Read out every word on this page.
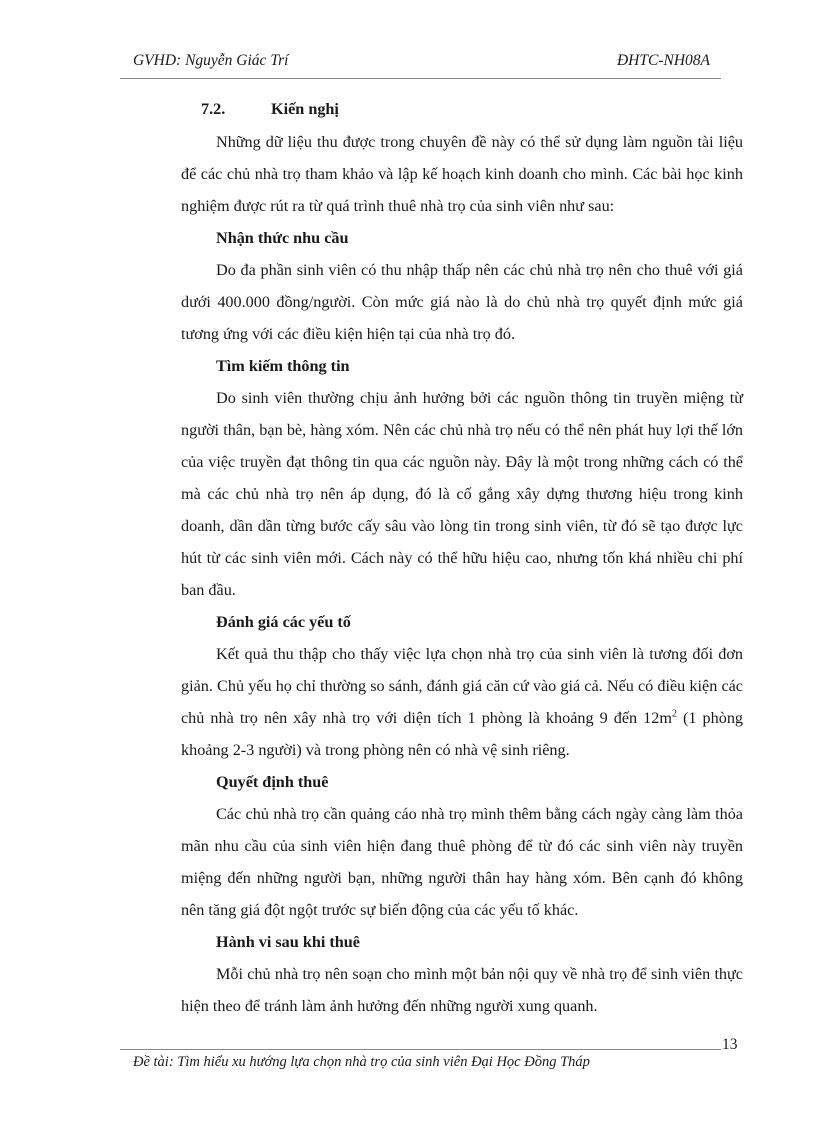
GVHD: Nguyễn Giác Trí	ĐHTC-NH08A
7.2.	Kiến nghị

Những dữ liệu thu được trong chuyên đề này có thể sử dụng làm nguồn tài liệu để các chủ nhà trọ tham khảo và lập kế hoạch kinh doanh cho mình. Các bài học kinh nghiệm được rút ra từ quá trình thuê nhà trọ của sinh viên như sau:

Nhận thức nhu cầu

Do đa phần sinh viên có thu nhập thấp nên các chủ nhà trọ nên cho thuê với giá dưới 400.000 đồng/người. Còn mức giá nào là do chủ nhà trọ quyết định mức giá tương ứng với các điều kiện hiện tại của nhà trọ đó.

Tìm kiếm thông tin

Do sinh viên thường chịu ảnh hưởng bởi các nguồn thông tin truyền miệng từ người thân, bạn bè, hàng xóm. Nên các chủ nhà trọ nếu có thể nên phát huy lợi thế lớn của việc truyền đạt thông tin qua các nguồn này. Đây là một trong những cách có thể mà các chủ nhà trọ nên áp dụng, đó là cố gắng xây dựng thương hiệu trong kinh doanh, dần dần từng bước cấy sâu vào lòng tin trong sinh viên, từ đó sẽ tạo được lực hút từ các sinh viên mới. Cách này có thể hữu hiệu cao, nhưng tốn khá nhiều chi phí ban đầu.

Đánh giá các yếu tố

Kết quả thu thập cho thấy việc lựa chọn nhà trọ của sinh viên là tương đối đơn giản. Chủ yếu họ chỉ thường so sánh, đánh giá căn cứ vào giá cả. Nếu có điều kiện các chủ nhà trọ nên xây nhà trọ với diện tích 1 phòng là khoảng 9 đến $12m^2$ (1 phòng khoảng 2-3 người) và trong phòng nên có nhà vệ sinh riêng.

Quyết định thuê

Các chủ nhà trọ cần quảng cáo nhà trọ mình thêm bằng cách ngày càng làm thỏa mãn nhu cầu của sinh viên hiện đang thuê phòng để từ đó các sinh viên này truyền miệng đến những người bạn, những người thân hay hàng xóm. Bên cạnh đó không nên tăng giá đột ngột trước sự biến động của các yếu tố khác.

Hành vi sau khi thuê

Mỗi chủ nhà trọ nên soạn cho mình một bản nội quy về nhà trọ để sinh viên thực hiện theo để tránh làm ảnh hưởng đến những người xung quanh.

13
Đề tài: Tìm hiểu xu hướng lựa chọn nhà trọ của sinh viên Đại Học Đồng Tháp
